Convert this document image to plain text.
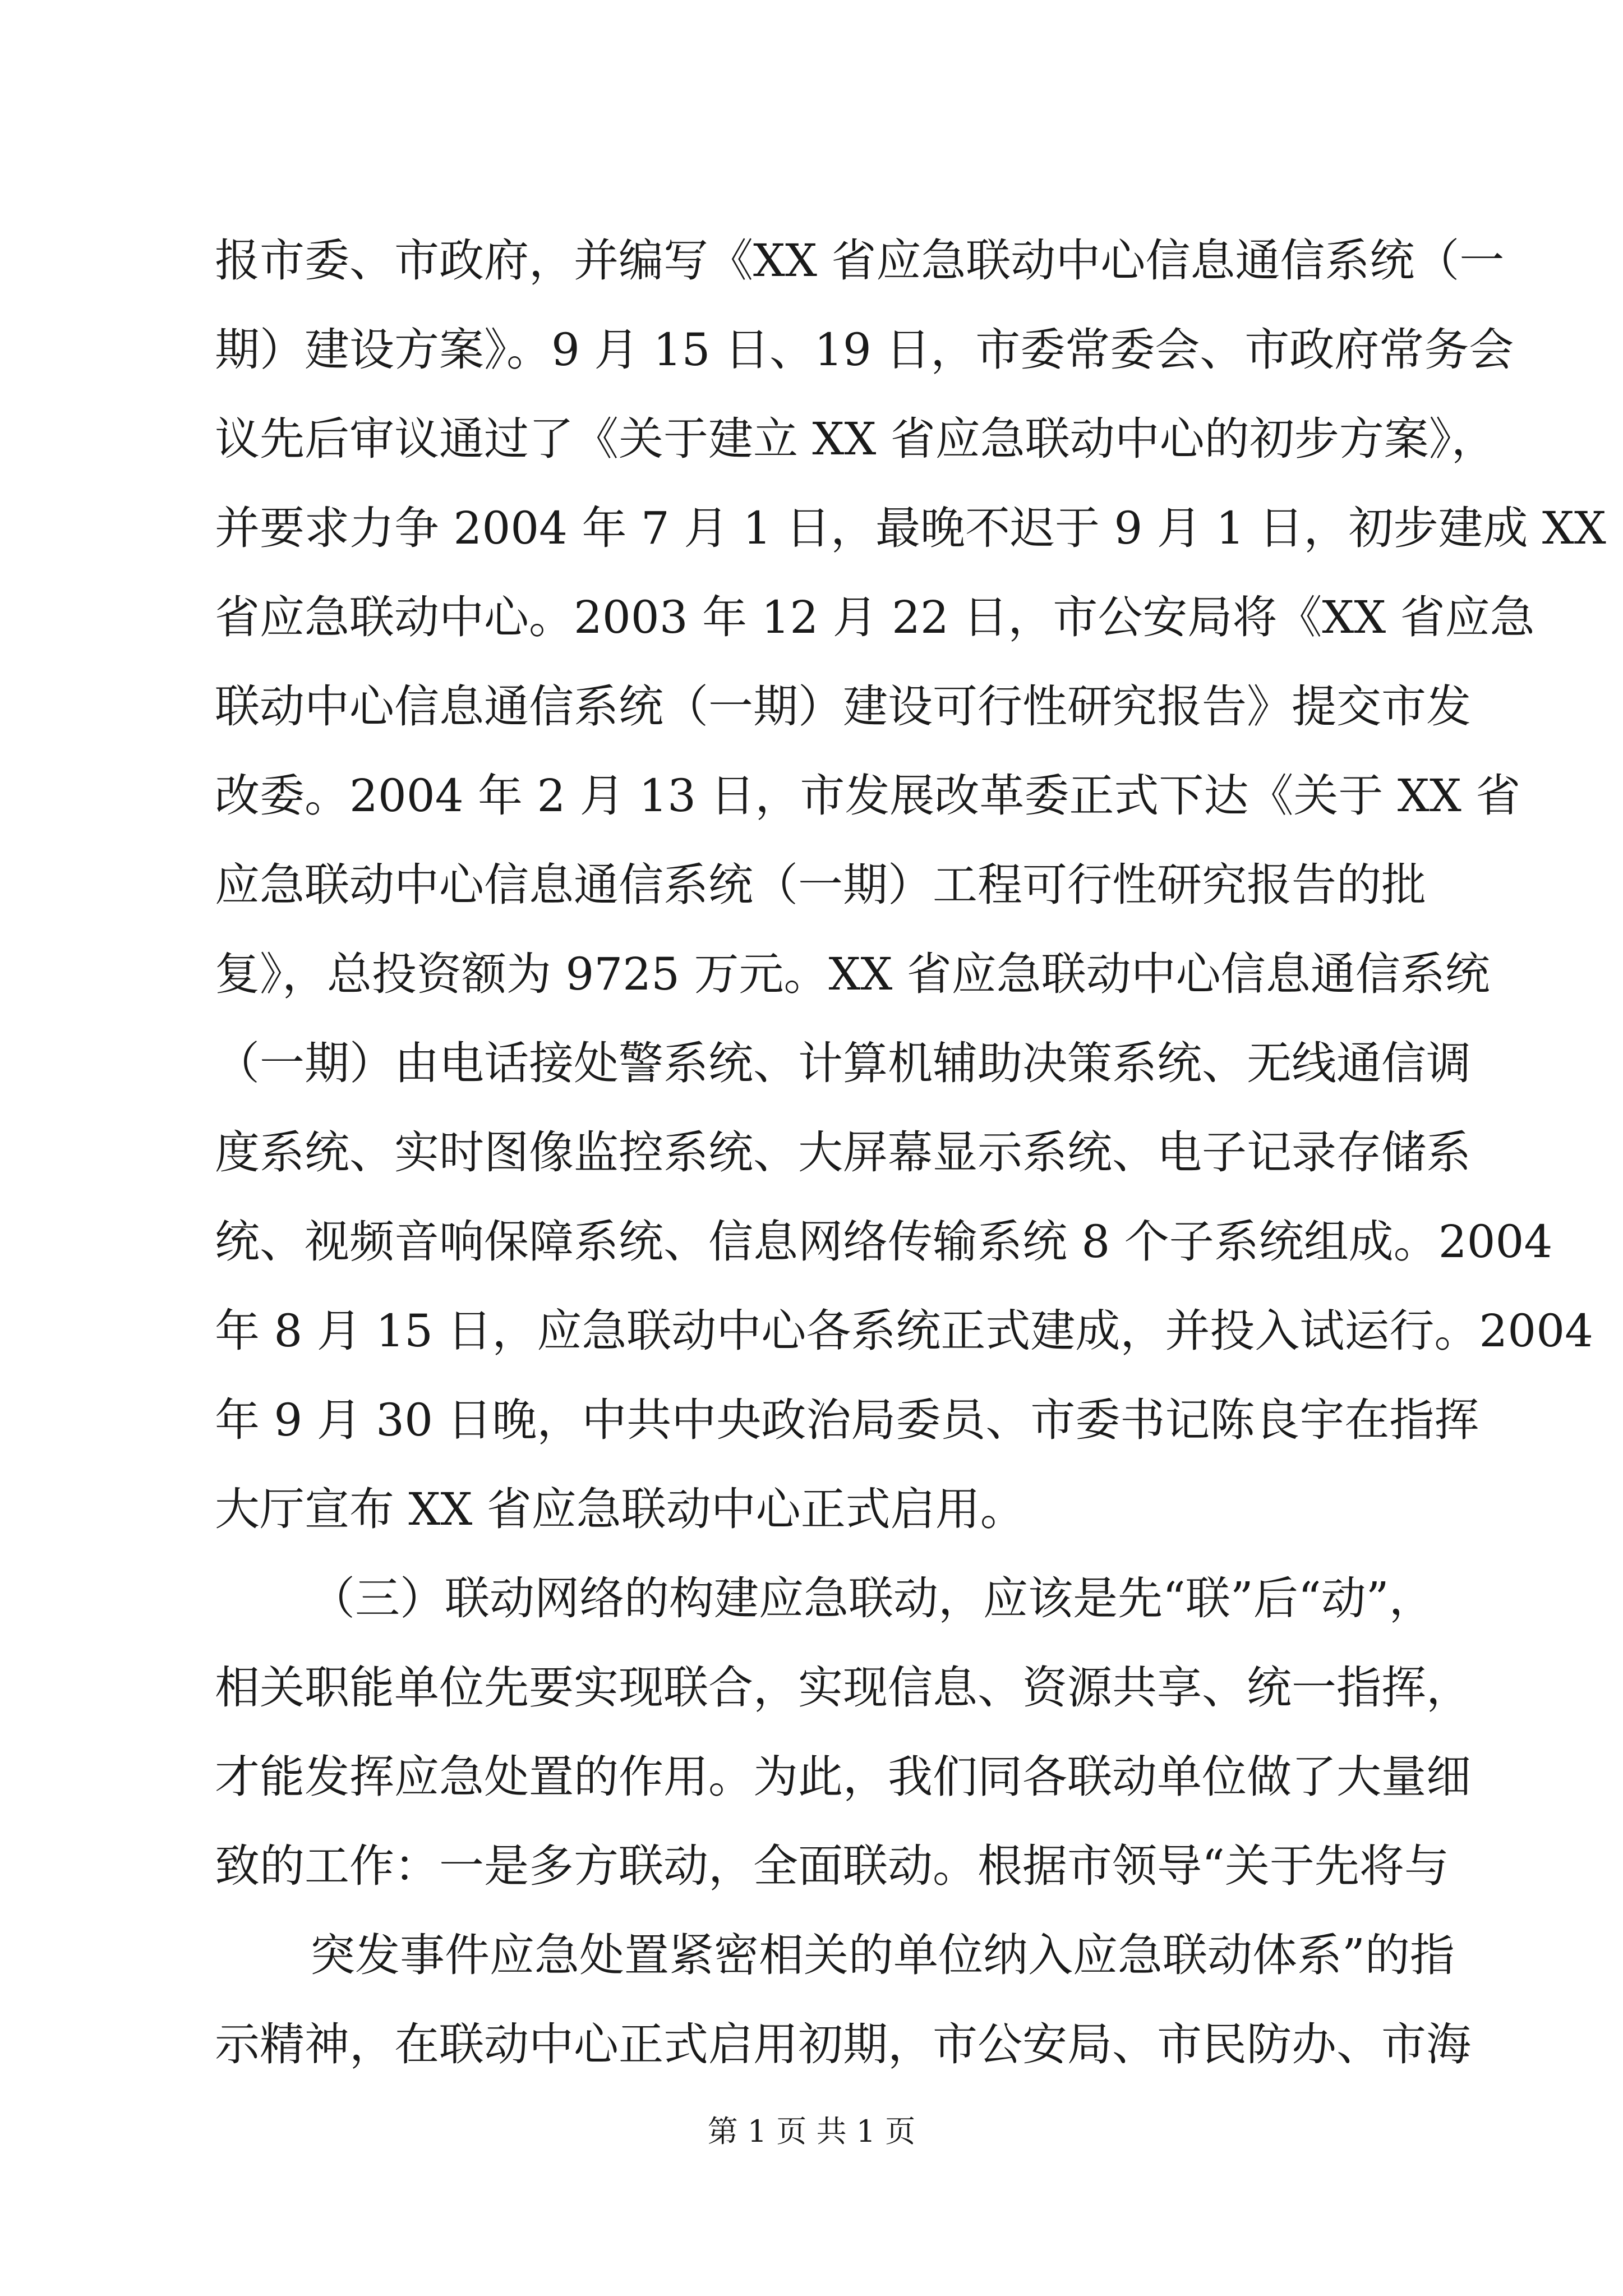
报市委、市政府，并编写《XX 省应急联动中心信息通信系统（一
期）建设方案》。9 月 15 日、19 日，市委常委会、市政府常务会
议先后审议通过了《关于建立 XX 省应急联动中心的初步方案》，
并要求力争 2004 年 7 月 1 日，最晚不迟于 9 月 1 日，初步建成 XX
省应急联动中心。2003 年 12 月 22 日，市公安局将《XX 省应急
联动中心信息通信系统（一期）建设可行性研究报告》提交市发
改委。2004 年 2 月 13 日，市发展改革委正式下达《关于 XX 省
应急联动中心信息通信系统（一期）工程可行性研究报告的批
复》，总投资额为 9725 万元。XX 省应急联动中心信息通信系统
（一期）由电话接处警系统、计算机辅助决策系统、无线通信调
度系统、实时图像监控系统、大屏幕显示系统、电子记录存储系
统、视频音响保障系统、信息网络传输系统 8 个子系统组成。2004
年 8 月 15 日，应急联动中心各系统正式建成，并投入试运行。2004
年 9 月 30 日晚，中共中央政治局委员、市委书记陈良宇在指挥
大厅宣布 XX 省应急联动中心正式启用。
（三）联动网络的构建应急联动，应该是先“联”后“动”，
相关职能单位先要实现联合，实现信息、资源共享、统一指挥，
才能发挥应急处置的作用。为此，我们同各联动单位做了大量细
致的工作：一是多方联动，全面联动。根据市领导“关于先将与
突发事件应急处置紧密相关的单位纳入应急联动体系”的指
示精神，在联动中心正式启用初期，市公安局、市民防办、市海
第 1 页 共 1 页
